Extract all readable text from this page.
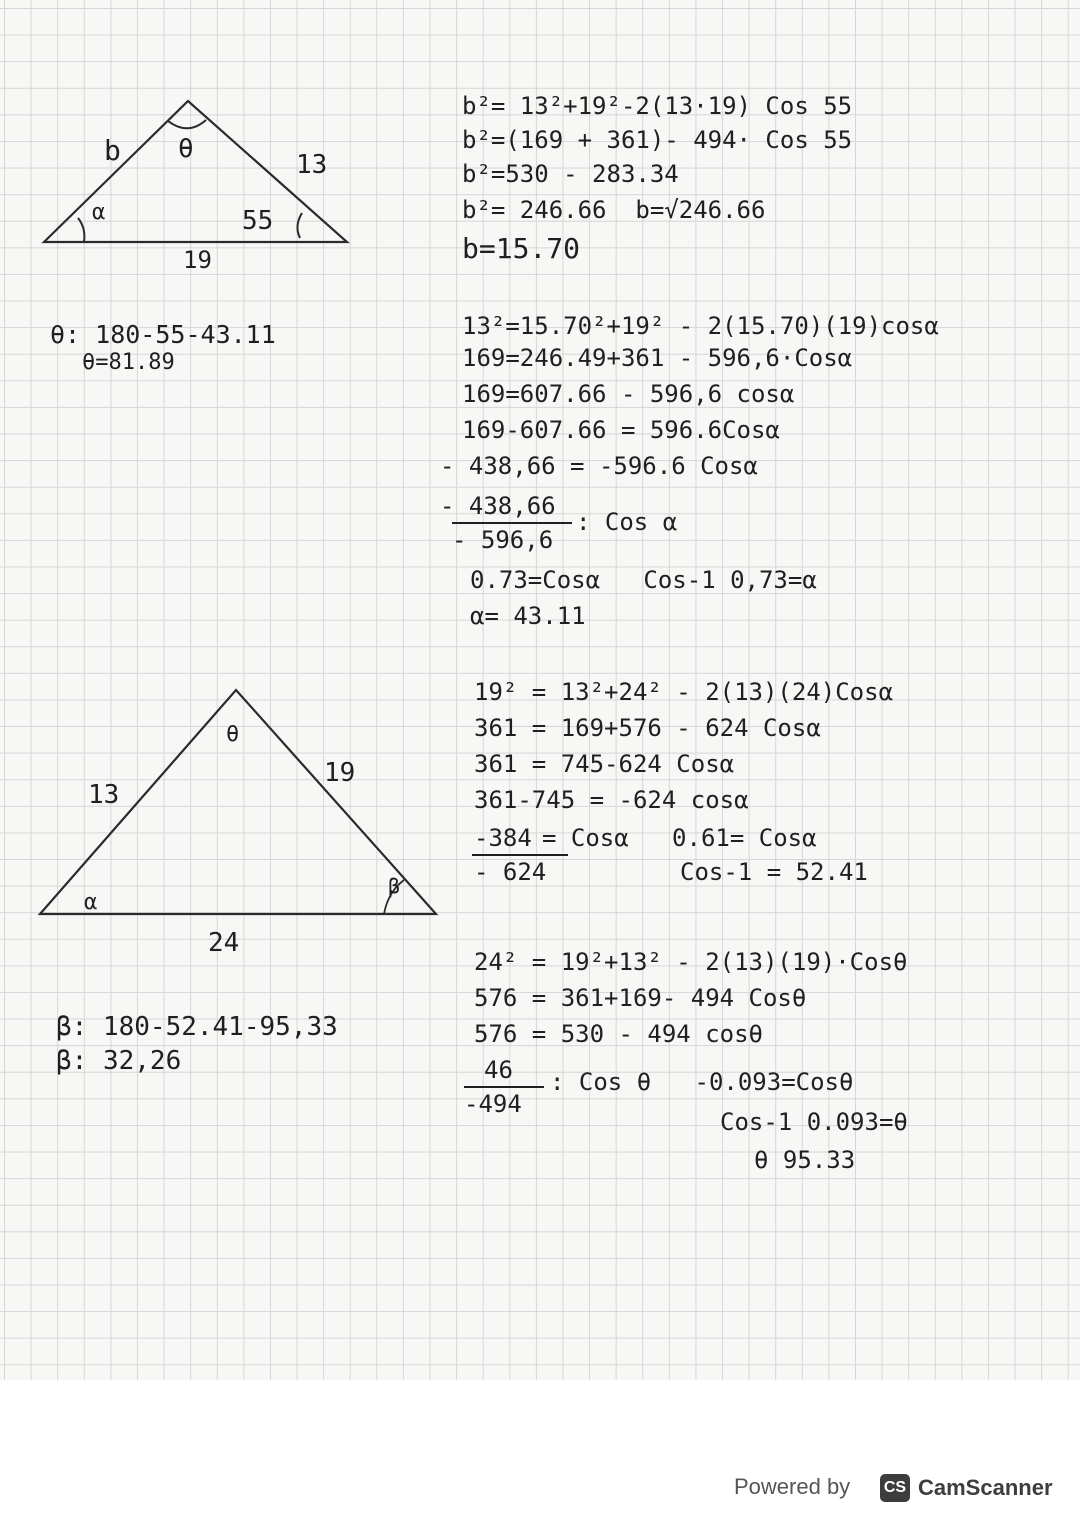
b θ
α
13
55
19

θ: 180-55-43.11

θ=81.89

b²= 13²+19²-2(13·19) Cos 55

b²=(169 + 361)- 494· Cos 55

b²=530 - 283.34

b²= 246.66  b=√246.66

b=15.70

13²=15.70²+19² - 2(15.70)(19)cosα

169=246.49+361 - 596,6·Cosα

169=607.66 - 596,6 cosα

169-607.66 = 596.6Cosα

- 438,66 = -596.6 Cosα

- 438,66

- 596,6

: Cos α

0.73=Cosα   Cos-1 0,73=α

α= 43.11

13
19
24
θ
α
β

β: 180-52.41-95,33

β: 32,26

19² = 13²+24² - 2(13)(24)Cosα

361 = 169+576 - 624 Cosα

361 = 745-624 Cosα

361-745 = -624 cosα

-384

- 624

= Cosα   0.61= Cosα

Cos-1 = 52.41

24² = 19²+13² - 2(13)(19)·Cosθ

576 = 361+169- 494 Cosθ

576 = 530 - 494 cosθ

46

-494

: Cos θ   -0.093=Cosθ

Cos-1 0.093=θ

θ 95.33

Powered by CS CamScanner
